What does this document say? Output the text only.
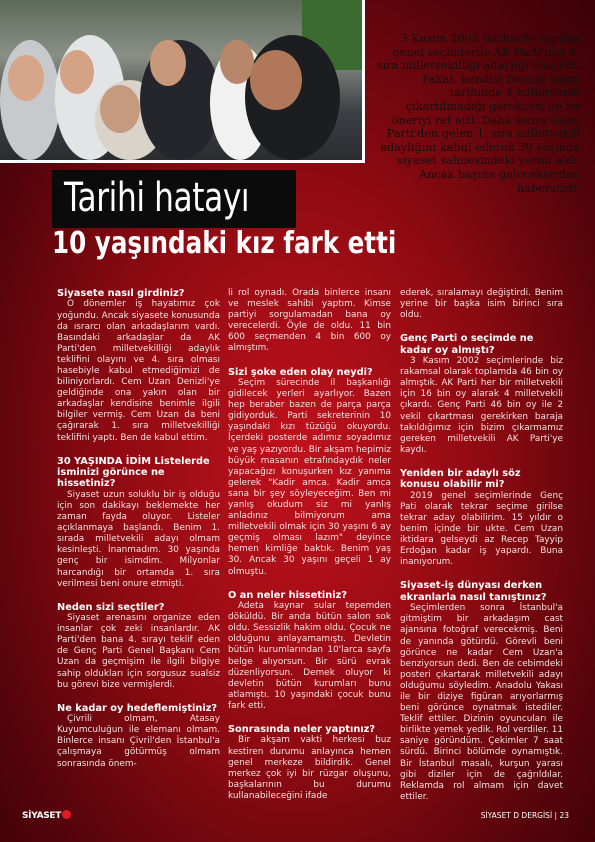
3 Kasım 2002 tarihinde yapılan genel seçimlerde AK Parti'den 4. sıra milletvekilliği adaylığı önerildi. Fakat, kendisi Denizli yakın tarihinde 4 milletvekili çıkartılmadığı gerekçesi ile bu öneriyi ret etti. Daha sonra Genç Parti'den gelen 1. sıra milletvekili adaylığını kabul ederek 30 yaşında siyaset sahnesindeki yerini aldı. Ancak başına geleceklerden habersizdi.
Tarihi hatayı
10 yaşındaki kız fark etti
Siyasete nasıl girdiniz?

O dönemler iş hayatımız çok yoğundu. Ancak siyasete konusunda da ısrarcı olan arkadaşlarım vardı. Basındaki arkadaşlar da AK Parti'den milletvekilliği adaylık teklifini olayını ve 4. sıra olması hasebiyle kabul etmediğimizi de biliniyorlardı. Cem Uzan Denizli'ye geldiğinde ona yakın olan bir arkadaşlar kendisine benimle ilgili bilgiler vermiş. Cem Uzan da beni çağırarak 1. sıra milletvekilliği teklifini yaptı. Ben de kabul ettim.

30 YAŞINDA İDİM Listelerde isminizi görünce ne hissetiniz?

Siyaset uzun soluklu bir iş olduğu için son dakikayı beklemekte her zaman fayda oluyor. Listeler açıklanmaya başlandı. Benim 1. sırada milletvekili adayı olmam kesinleşti. İnanmadım. 30 yaşında genç bir isimdim. Milyonlar harcandığı bir ortamda 1. sıra verilmesi beni onure etmişti.

Neden sizi seçtiler?

Siyaset arenasını organize eden insanlar çok zeki insanlardır. AK Parti'den bana 4. sırayı teklif eden de Genç Parti Genel Başkanı Cem Uzan da geçmişim ile ilgili bilgiye sahip oldukları için sorgusuz sualsiz bu görevi bize vermişlerdi.

Ne kadar oy hedeflemiştiniz?

Çivrili olmam, Atasay Kuyumculuğun ile elemanı olmam. Binlerce insanı Çivril'den İstanbul'a çalışmaya götürmüş olmam sonrasında önem-

li rol oynadı. Orada binlerce insanı ve meslek sahibi yaptım. Kimse partiyi sorgulamadan bana oy verecelerdi. Öyle de oldu. 11 bin 600 seçmenden 4 bin 600 oy almıştım.

Sizi şoke eden olay neydi?

Seçim sürecinde il başkanlığı gidilecek yerleri ayarlıyor. Bazen hep beraber bazen de parça parça gidiyorduk. Parti sekreterinin 10 yaşındaki kızı tüzüğü okuyordu. İçerdeki posterde adımız soyadımız ve yaş yazıyordu. Bir akşam hepimiz büyük masanın etrafındaydık neler yapacağızı konuşurken kız yanıma gelerek "Kadir amca. Kadir amca sana bir şey söyleyeceğim. Ben mi yanlış okudum siz mi yanlış anladınız bilmiyorum ama milletvekili olmak için 30 yaşını 6 ay geçmiş olması lazım" deyince hemen kimliğe baktık. Benim yaş 30. Ancak 30 yaşını geçeli 1 ay olmuştu.

O an neler hissetiniz?

Adeta kaynar sular tepemden döküldü. Bir anda bütün salon sok oldu. Sessizlik hakim oldu. Çocuk ne olduğunu anlayamamıştı. Devletin bütün kurumlarından 10'larca sayfa belge alıyorsun. Bir sürü evrak düzenliyorsun. Demek oluyor ki devletin bütün kurumları bunu atlamıştı. 10 yaşındaki çocuk bunu fark etti.

Sonrasında neler yaptınız?

Bir akşam vakti herkesi buz kestiren durumu anlayınca hemen genel merkeze bildirdik. Genel merkez çok iyi bir rüzgar oluşunu, başkalarının bu durumu kullanabileceğini ifade

ederek, sıralamayı değiştirdi. Benim yerine bir başka isim birinci sıra oldu.

Genç Parti o seçimde ne kadar oy almıştı?

3 Kasım 2002 seçimlerinde biz rakamsal olarak toplamda 46 bin oy almıştık. AK Parti her bir milletvekili için 16 bin oy alarak 4 milletvekili çıkardı. Genç Parti 46 bin oy ile 2 vekil çıkartması gerekirken baraja takıldığımız için bizim çıkarmamız gereken milletvekili AK Parti'ye kaydı.

Yeniden bir adaylı söz konusu olabilir mi?

2019 genel seçimlerinde Genç Pati olarak tekrar seçime girilse tekrar aday olabilirim. 15 yıldır o benim içinde bir ukte. Cem Uzan iktidara gelseydi az Recep Tayyip Erdoğan kadar iş yapardı. Buna inanıyorum.

Siyaset-iş dünyası derken ekranlarla nasıl tanıştınız?

Seçimlerden sonra İstanbul'a gitmiştim bir arkadaşım cast ajansına fotoğraf verecekmiş. Beni de yanında götürdü. Görevli beni görünce ne kadar Cem Uzan'a benziyorsun dedi. Ben de cebimdeki posteri çıkartarak milletvekili adayı olduğumu söyledim. Anadolu Yakası ile bir diziye figüran arıyorlarmış beni görünce oynatmak istediler. Teklif ettiler. Dizinin oyuncuları ile birlikte yemek yedik. Rol verdiler. 11 saniye göründüm. Çekimler 7 saat sürdü. Birinci bölümde oynamıştık. Bir İstanbul masalı, kurşun yarası gibi diziler için de çağrıldılar. Reklamda rol almam için davet ettiler.

SİYASET	SİYASET D DERGİSİ | 23
